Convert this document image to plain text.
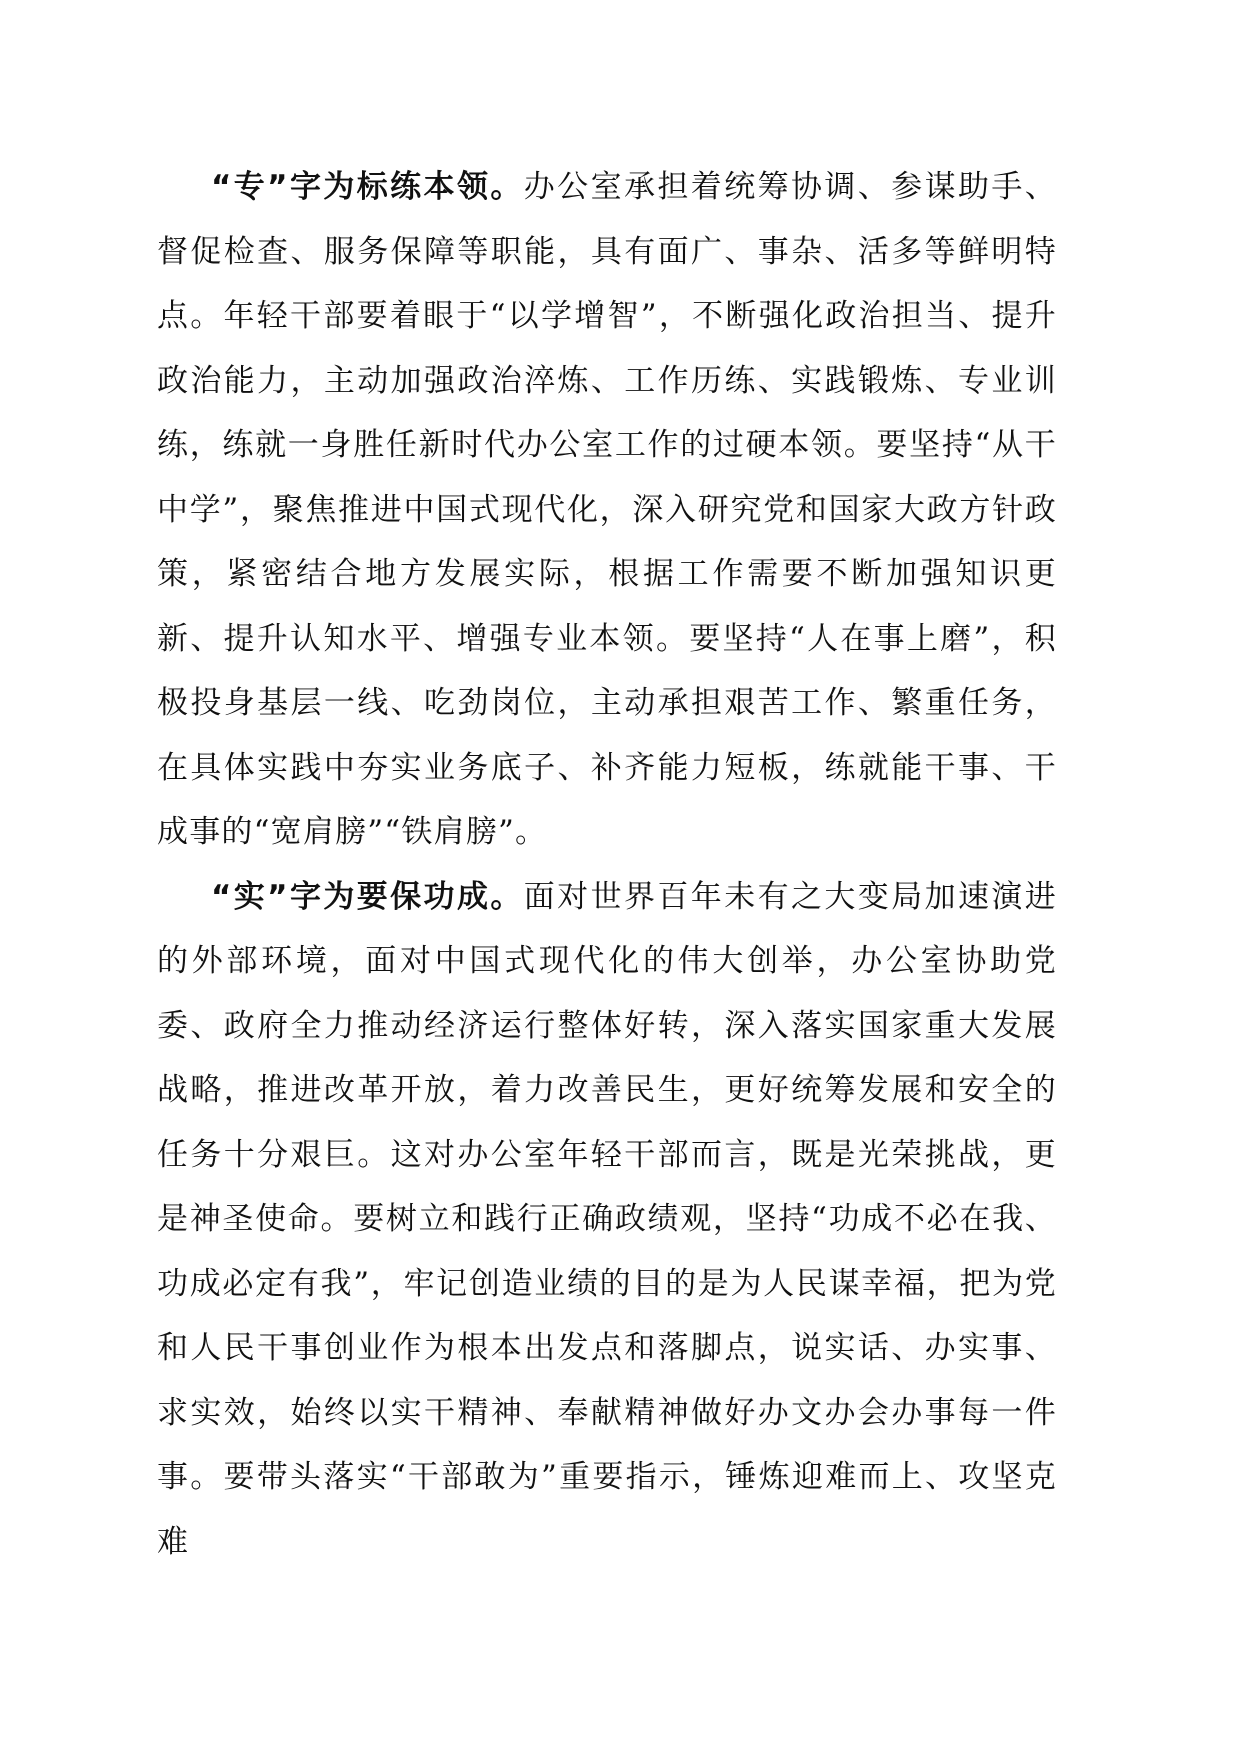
“专”字为标练本领。办公室承担着统筹协调、参谋助手、督促检查、服务保障等职能，具有面广、事杂、活多等鲜明特点。年轻干部要着眼于“以学增智”，不断强化政治担当、提升政治能力，主动加强政治淬炼、工作历练、实践锻炼、专业训练，练就一身胜任新时代办公室工作的过硬本领。要坚持“从干中学”，聚焦推进中国式现代化，深入研究党和国家大政方针政策，紧密结合地方发展实际，根据工作需要不断加强知识更新、提升认知水平、增强专业本领。要坚持“人在事上磨”，积极投身基层一线、吃劲岗位，主动承担艰苦工作、繁重任务，在具体实践中夯实业务底子、补齐能力短板，练就能干事、干成事的“宽肩膀”“铁肩膀”。

“实”字为要保功成。面对世界百年未有之大变局加速演进的外部环境，面对中国式现代化的伟大创举，办公室协助党委、政府全力推动经济运行整体好转，深入落实国家重大发展战略，推进改革开放，着力改善民生，更好统筹发展和安全的任务十分艰巨。这对办公室年轻干部而言，既是光荣挑战，更是神圣使命。要树立和践行正确政绩观，坚持“功成不必在我、功成必定有我”，牢记创造业绩的目的是为人民谋幸福，把为党和人民干事创业作为根本出发点和落脚点，说实话、办实事、求实效，始终以实干精神、奉献精神做好办文办会办事每一件事。要带头落实“干部敢为”重要指示，锤炼迎难而上、攻坚克难
